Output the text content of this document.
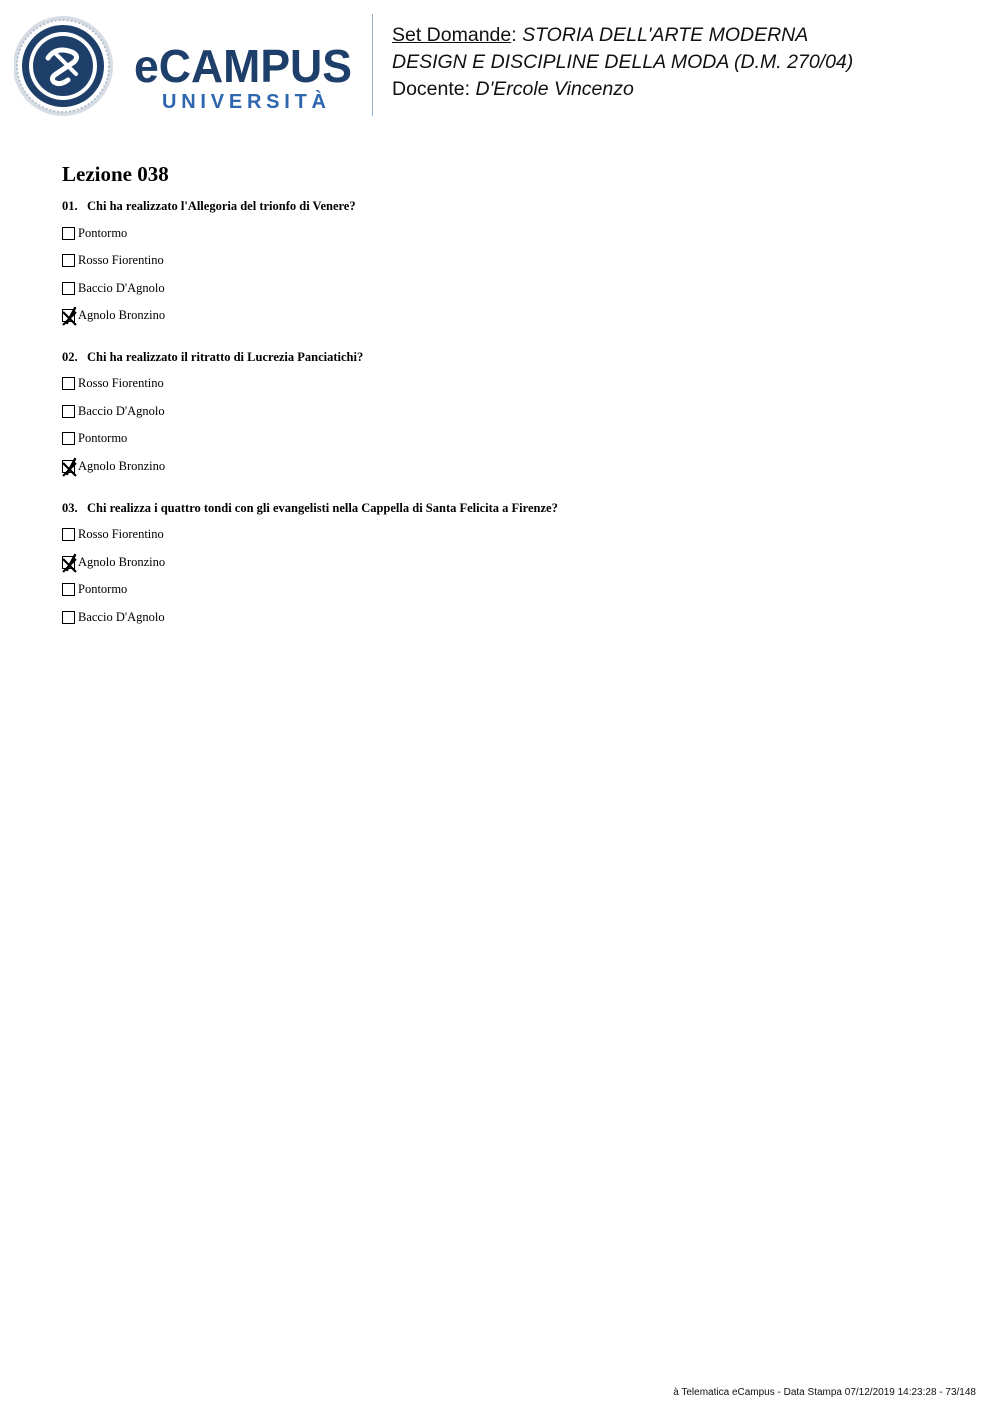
eCAMPUS
UNIVERSITÀ
Set Domande: STORIA DELL'ARTE MODERNA
DESIGN E DISCIPLINE DELLA MODA (D.M. 270/04)
Docente: D'Ercole Vincenzo
Lezione 038
01. Chi ha realizzato l'Allegoria del trionfo di Venere?
Pontormo
Rosso Fiorentino
Baccio D'Agnolo
Agnolo Bronzino
02. Chi ha realizzato il ritratto di Lucrezia Panciatichi?
Rosso Fiorentino
Baccio D'Agnolo
Pontormo
Agnolo Bronzino
03. Chi realizza i quattro tondi con gli evangelisti nella Cappella di Santa Felicita a Firenze?
Rosso Fiorentino
Agnolo Bronzino
Pontormo
Baccio D'Agnolo
à Telematica eCampus - Data Stampa 07/12/2019 14:23:28 - 73/148
